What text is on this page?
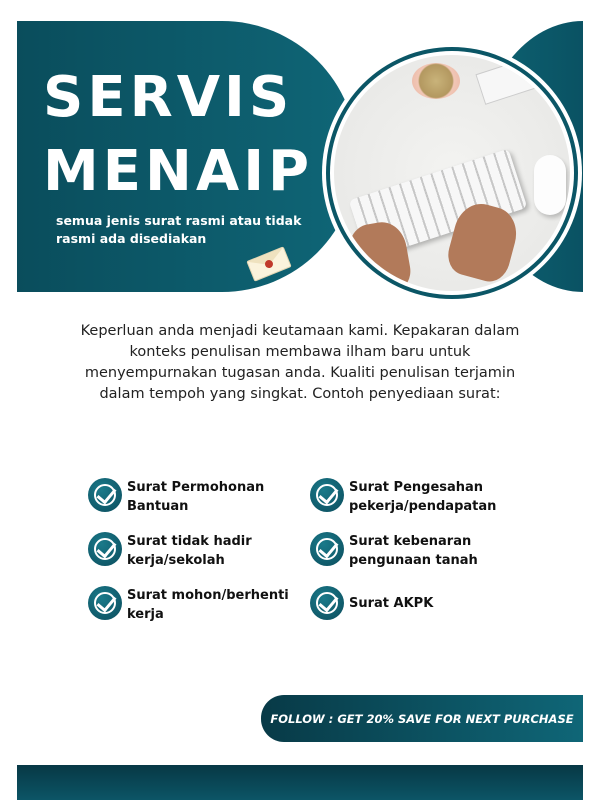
SERVIS
MENAIP

semua jenis surat rasmi atau tidak rasmi ada disediakan

Keperluan anda menjadi keutamaan kami. Kepakaran dalam konteks penulisan membawa ilham baru untuk menyempurnakan tugasan anda. Kualiti penulisan terjamin dalam tempoh yang singkat. Contoh penyediaan surat:

Surat Permohonan Bantuan
Surat Pengesahan pekerja/pendapatan
Surat tidak hadir kerja/sekolah
Surat kebenaran pengunaan tanah
Surat mohon/berhenti kerja
Surat AKPK
FOLLOW : GET 20% SAVE FOR NEXT PURCHASE
